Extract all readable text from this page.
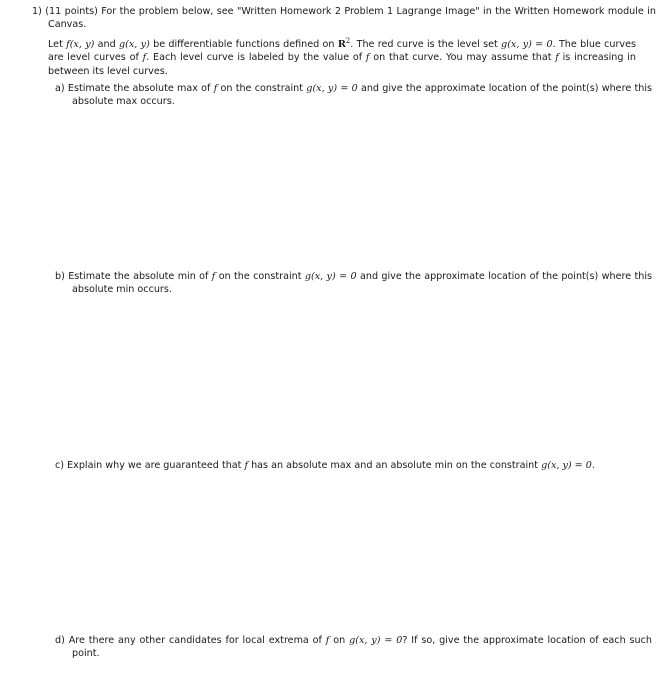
1) (11 points) For the problem below, see "Written Homework 2 Problem 1 Lagrange Image" in the Written Homework module in Canvas.
Let f(x, y) and g(x, y) be differentiable functions defined on $R^2$. The red curve is the level set g(x, y) = 0. The blue curves are level curves of f. Each level curve is labeled by the value of f on that curve. You may assume that f is increasing in between its level curves.
a) Estimate the absolute max of f on the constraint g(x, y) = 0 and give the approximate location of the point(s) where this absolute max occurs.
b) Estimate the absolute min of f on the constraint g(x, y) = 0 and give the approximate location of the point(s) where this absolute min occurs.
c) Explain why we are guaranteed that f has an absolute max and an absolute min on the constraint g(x, y) = 0.
d) Are there any other candidates for local extrema of f on g(x, y) = 0? If so, give the approximate location of each such point.
